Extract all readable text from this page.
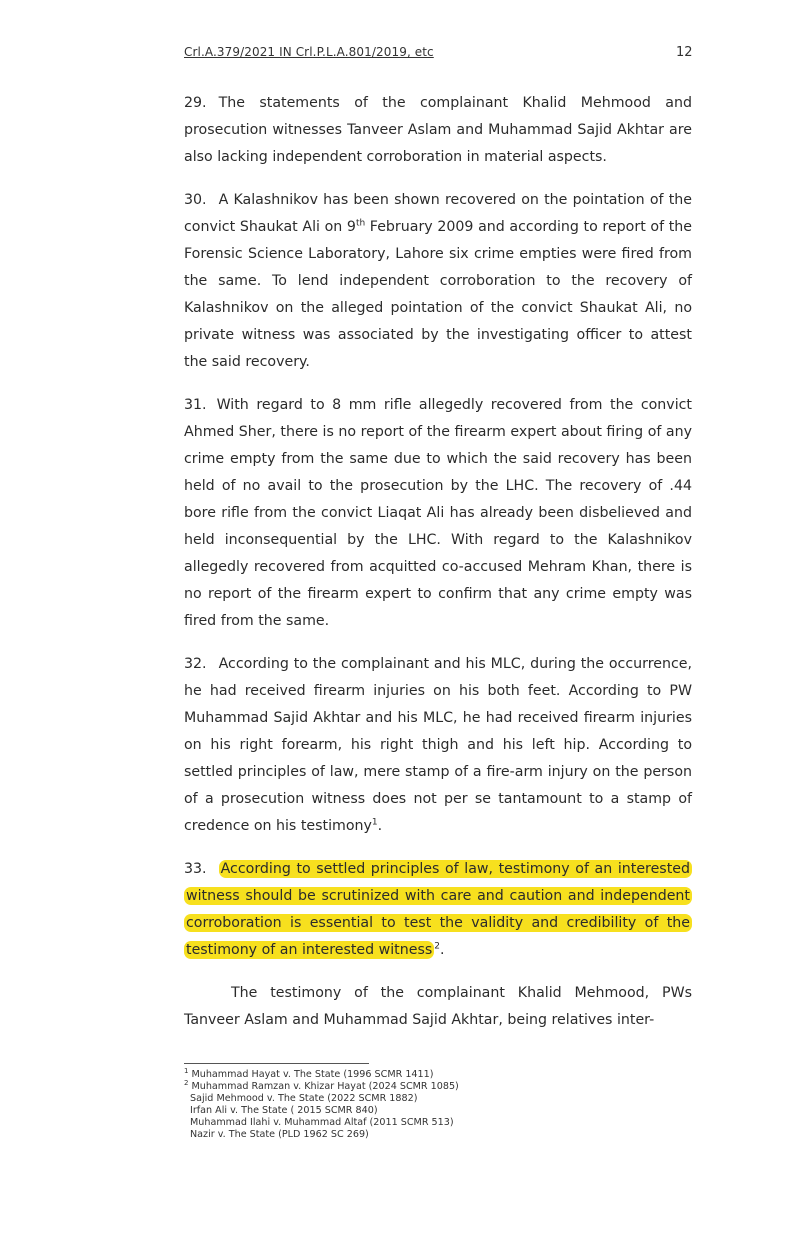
Crl.A.379/2021 IN Crl.P.L.A.801/2019, etc	12

29. The statements of the complainant Khalid Mehmood and prosecution witnesses Tanveer Aslam and Muhammad Sajid Akhtar are also lacking independent corroboration in material aspects.

30. A Kalashnikov has been shown recovered on the pointation of the convict Shaukat Ali on 9th February 2009 and according to report of the Forensic Science Laboratory, Lahore six crime empties were fired from the same. To lend independent corroboration to the recovery of Kalashnikov on the alleged pointation of the convict Shaukat Ali, no private witness was associated by the investigating officer to attest the said recovery.

31. With regard to 8 mm rifle allegedly recovered from the convict Ahmed Sher, there is no report of the firearm expert about firing of any crime empty from the same due to which the said recovery has been held of no avail to the prosecution by the LHC. The recovery of .44 bore rifle from the convict Liaqat Ali has already been disbelieved and held inconsequential by the LHC. With regard to the Kalashnikov allegedly recovered from acquitted co-accused Mehram Khan, there is no report of the firearm expert to confirm that any crime empty was fired from the same.

32. According to the complainant and his MLC, during the occurrence, he had received firearm injuries on his both feet. According to PW Muhammad Sajid Akhtar and his MLC, he had received firearm injuries on his right forearm, his right thigh and his left hip. According to settled principles of law, mere stamp of a fire-arm injury on the person of a prosecution witness does not per se tantamount to a stamp of credence on his testimony$^1$.

33. According to settled principles of law, testimony of an interested witness should be scrutinized with care and caution and independent corroboration is essential to test the validity and credibility of the testimony of an interested witness $^2$.

The testimony of the complainant Khalid Mehmood, PWs Tanveer Aslam and Muhammad Sajid Akhtar, being relatives inter-

$^1$ Muhammad Hayat v. The State (1996 SCMR 1411)
$^2$ Muhammad Ramzan v. Khizar Hayat (2024 SCMR 1085)
Sajid Mehmood v. The State (2022 SCMR 1882)
Irfan Ali v. The State ( 2015 SCMR 840)
Muhammad Ilahi v. Muhammad Altaf (2011 SCMR 513)
Nazir v. The State (PLD 1962 SC 269)
